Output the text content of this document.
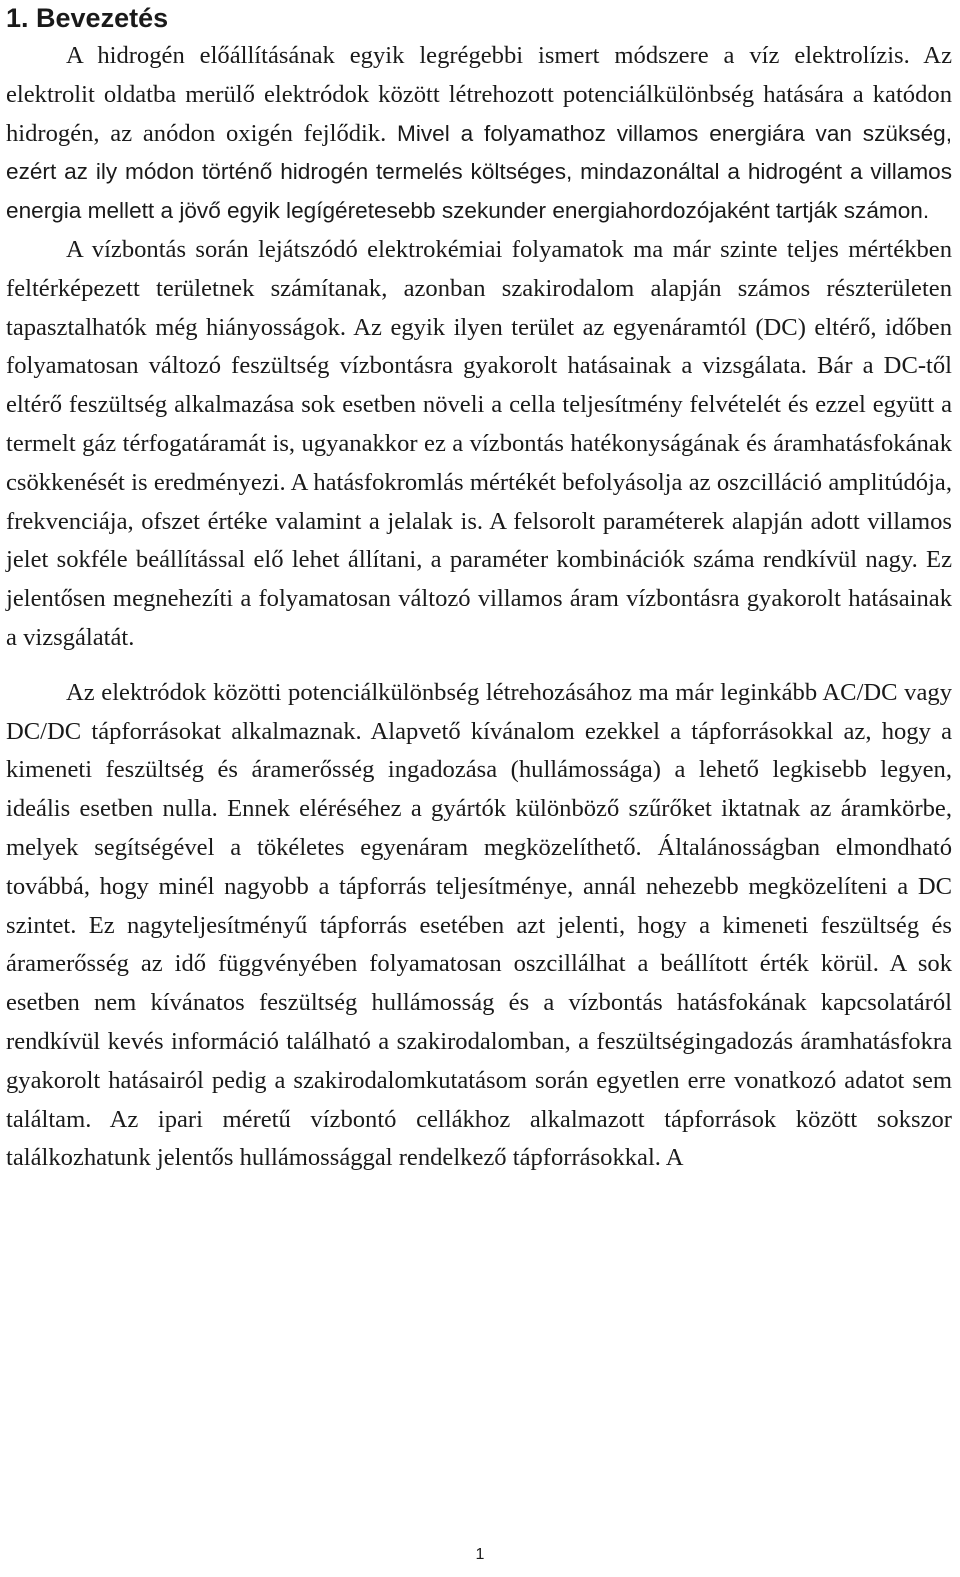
1. Bevezetés

A hidrogén előállításának egyik legrégebbi ismert módszere a víz elektrolízis. Az elektrolit oldatba merülő elektródok között létrehozott potenciálkülönbség hatására a katódon hidrogén, az anódon oxigén fejlődik. Mivel a folyamathoz villamos energiára van szükség, ezért az ily módon történő hidrogén termelés költséges, mindazonáltal a hidrogént a villamos energia mellett a jövő egyik legígéretesebb szekunder energiahordozójaként tartják számon.

A vízbontás során lejátszódó elektrokémiai folyamatok ma már szinte teljes mértékben feltérképezett területnek számítanak, azonban szakirodalom alapján számos részterületen tapasztalhatók még hiányosságok. Az egyik ilyen terület az egyenáramtól (DC) eltérő, időben folyamatosan változó feszültség vízbontásra gyakorolt hatásainak a vizsgálata. Bár a DC-től eltérő feszültség alkalmazása sok esetben növeli a cella teljesítmény felvételét és ezzel együtt a termelt gáz térfogatáramát is, ugyanakkor ez a vízbontás hatékonyságának és áramhatásfokának csökkenését is eredményezi. A hatásfokromlás mértékét befolyásolja az oszcilláció amplitúdója, frekvenciája, ofszet értéke valamint a jelalak is. A felsorolt paraméterek alapján adott villamos jelet sokféle beállítással elő lehet állítani, a paraméter kombinációk száma rendkívül nagy. Ez jelentősen megnehezíti a folyamatosan változó villamos áram vízbontásra gyakorolt hatásainak a vizsgálatát.

Az elektródok közötti potenciálkülönbség létrehozásához ma már leginkább AC/DC vagy DC/DC tápforrásokat alkalmaznak. Alapvető kívánalom ezekkel a tápforrásokkal az, hogy a kimeneti feszültség és áramerősség ingadozása (hullámossága) a lehető legkisebb legyen, ideális esetben nulla. Ennek eléréséhez a gyártók különböző szűrőket iktatnak az áramkörbe, melyek segítségével a tökéletes egyenáram megközelíthető. Általánosságban elmondható továbbá, hogy minél nagyobb a tápforrás teljesítménye, annál nehezebb megközelíteni a DC szintet. Ez nagyteljesítményű tápforrás esetében azt jelenti, hogy a kimeneti feszültség és áramerősség az idő függvényében folyamatosan oszcillálhat a beállított érték körül. A sok esetben nem kívánatos feszültség hullámosság és a vízbontás hatásfokának kapcsolatáról rendkívül kevés információ található a szakirodalomban, a feszültségingadozás áramhatásfokra gyakorolt hatásairól pedig a szakirodalomkutatásom során egyetlen erre vonatkozó adatot sem találtam. Az ipari méretű vízbontó cellákhoz alkalmazott tápforrások között sokszor találkozhatunk jelentős hullámossággal rendelkező tápforrásokkal. A

1
